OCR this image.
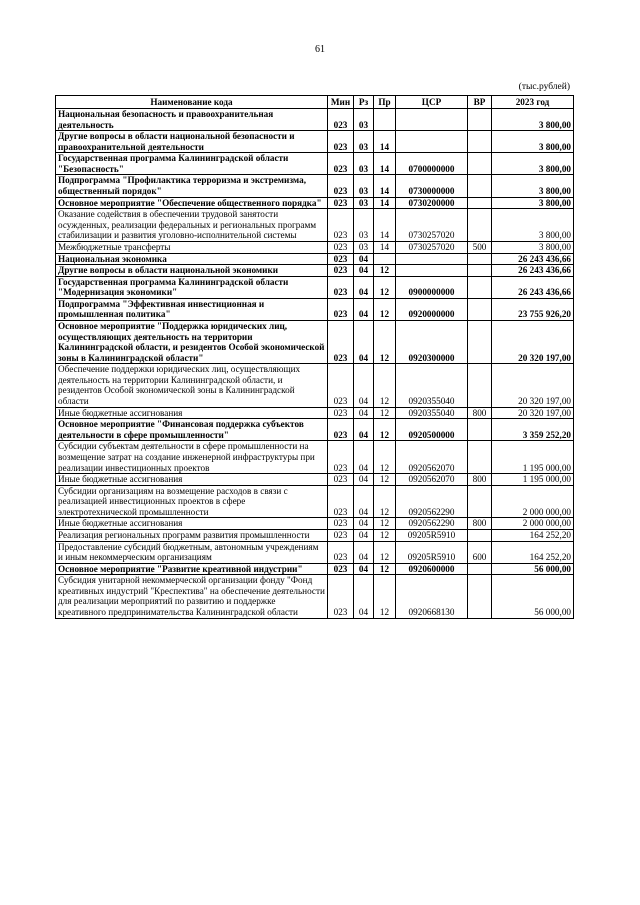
61
(тыс.рублей)
Наименование кода	Мин	Рз	Пр	ЦСР	ВР	2023 год
Национальная безопасность и правоохранительная деятельность	023	03				3 800,00
Другие вопросы в области национальной безопасности и правоохранительной деятельности	023	03	14			3 800,00
Государственная программа Калининградской области "Безопасность"	023	03	14	0700000000		3 800,00
Подпрограмма "Профилактика терроризма и экстремизма, общественный порядок"	023	03	14	0730000000		3 800,00
Основное мероприятие "Обеспечение общественного порядка"	023	03	14	0730200000		3 800,00
Оказание содействия в обеспечении трудовой занятости осужденных, реализации федеральных и региональных программ стабилизации и развития уголовно-исполнительной системы	023	03	14	0730257020		3 800,00
Межбюджетные трансферты	023	03	14	0730257020	500	3 800,00
Национальная экономика	023	04				26 243 436,66
Другие вопросы в области национальной экономики	023	04	12			26 243 436,66
Государственная программа Калининградской области "Модернизация экономики"	023	04	12	0900000000		26 243 436,66
Подпрограмма "Эффективная инвестиционная и промышленная политика"	023	04	12	0920000000		23 755 926,20
Основное мероприятие "Поддержка юридических лиц, осуществляющих деятельность на территории Калининградской области, и резидентов Особой экономической зоны в Калининградской области"	023	04	12	0920300000		20 320 197,00
Обеспечение поддержки юридических лиц, осуществляющих деятельность на территории Калининградской области, и резидентов Особой экономической зоны в Калининградской области	023	04	12	0920355040		20 320 197,00
Иные бюджетные ассигнования	023	04	12	0920355040	800	20 320 197,00
Основное мероприятие "Финансовая поддержка субъектов деятельности в сфере промышленности"	023	04	12	0920500000		3 359 252,20
Субсидии субъектам деятельности в сфере промышленности на возмещение затрат на создание инженерной инфраструктуры при реализации инвестиционных проектов	023	04	12	0920562070		1 195 000,00
Иные бюджетные ассигнования	023	04	12	0920562070	800	1 195 000,00
Субсидии организациям на возмещение расходов в связи с реализацией инвестиционных проектов в сфере электротехнической промышленности	023	04	12	0920562290		2 000 000,00
Иные бюджетные ассигнования	023	04	12	0920562290	800	2 000 000,00
Реализация региональных программ развития промышленности	023	04	12	09205R5910		164 252,20
Предоставление субсидий бюджетным, автономным учреждениям и иным некоммерческим организациям	023	04	12	09205R5910	600	164 252,20
Основное мероприятие "Развитие креативной индустрии"	023	04	12	0920600000		56 000,00
Субсидия унитарной некоммерческой организации фонду "Фонд креативных индустрий "Креспектива" на обеспечение деятельности для реализации мероприятий по развитию и поддержке креативного предпринимательства Калининградской области	023	04	12	0920668130		56 000,00
